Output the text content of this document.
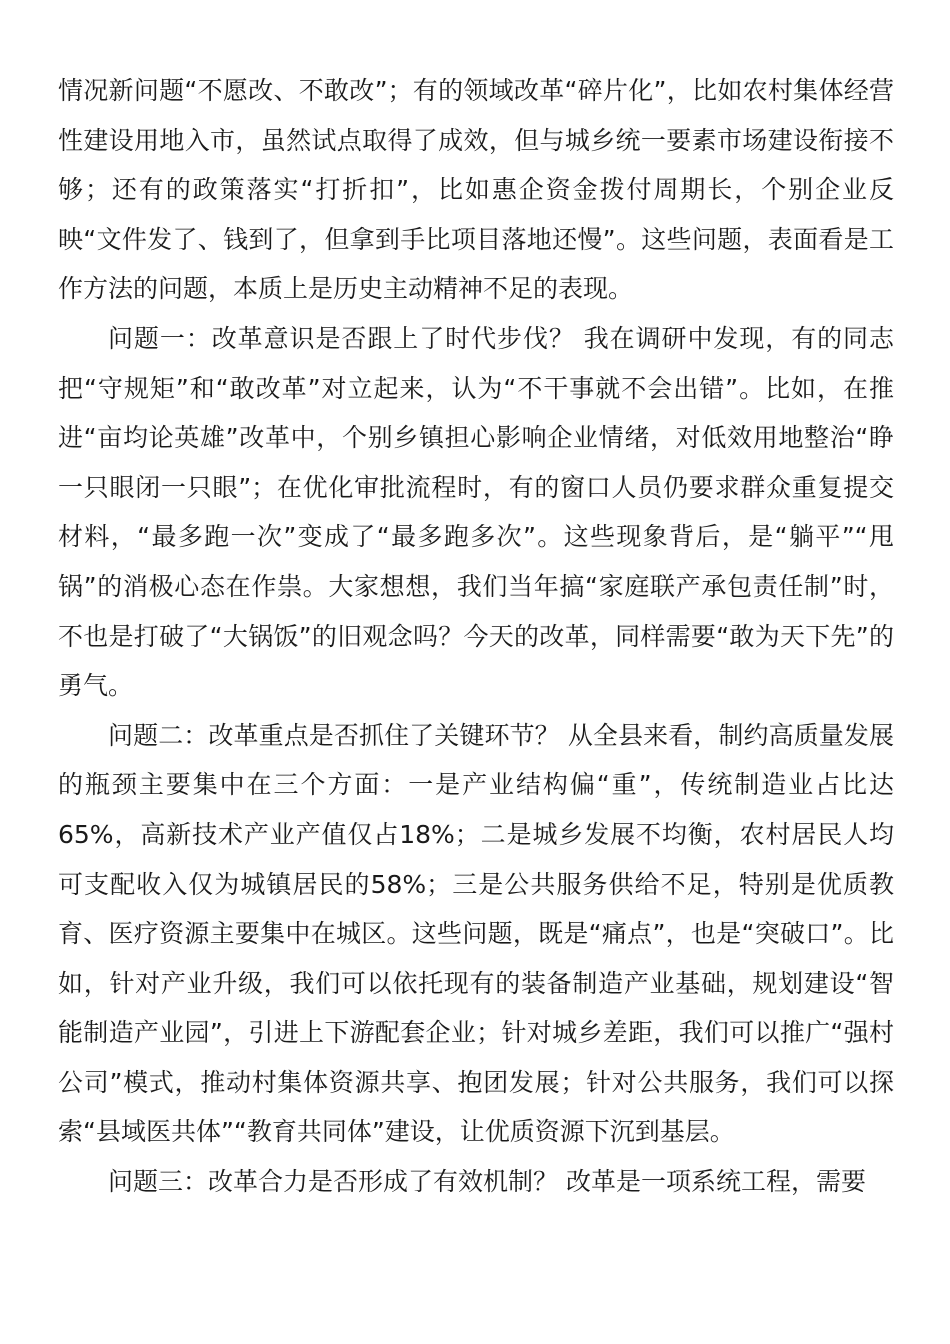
情况新问题“不愿改、不敢改”；有的领域改革“碎片化”，比如农村集体经营性建设用地入市，虽然试点取得了成效，但与城乡统一要素市场建设衔接不够；还有的政策落实“打折扣”，比如惠企资金拨付周期长，个别企业反映“文件发了、钱到了，但拿到手比项目落地还慢”。这些问题，表面看是工作方法的问题，本质上是历史主动精神不足的表现。

问题一：改革意识是否跟上了时代步伐？ 我在调研中发现，有的同志把“守规矩”和“敢改革”对立起来，认为“不干事就不会出错”。比如，在推进“亩均论英雄”改革中，个别乡镇担心影响企业情绪，对低效用地整治“睁一只眼闭一只眼”；在优化审批流程时，有的窗口人员仍要求群众重复提交材料，“最多跑一次”变成了“最多跑多次”。这些现象背后，是“躺平”“甩锅”的消极心态在作祟。大家想想，我们当年搞“家庭联产承包责任制”时，不也是打破了“大锅饭”的旧观念吗？今天的改革，同样需要“敢为天下先”的勇气。

问题二：改革重点是否抓住了关键环节？ 从全县来看，制约高质量发展的瓶颈主要集中在三个方面：一是产业结构偏“重”，传统制造业占比达65%，高新技术产业产值仅占18%；二是城乡发展不均衡，农村居民人均可支配收入仅为城镇居民的58%；三是公共服务供给不足，特别是优质教育、医疗资源主要集中在城区。这些问题，既是“痛点”，也是“突破口”。比如，针对产业升级，我们可以依托现有的装备制造产业基础，规划建设“智能制造产业园”，引进上下游配套企业；针对城乡差距，我们可以推广“强村公司”模式，推动村集体资源共享、抱团发展；针对公共服务，我们可以探索“县域医共体”“教育共同体”建设，让优质资源下沉到基层。

问题三：改革合力是否形成了有效机制？ 改革是一项系统工程，需要
